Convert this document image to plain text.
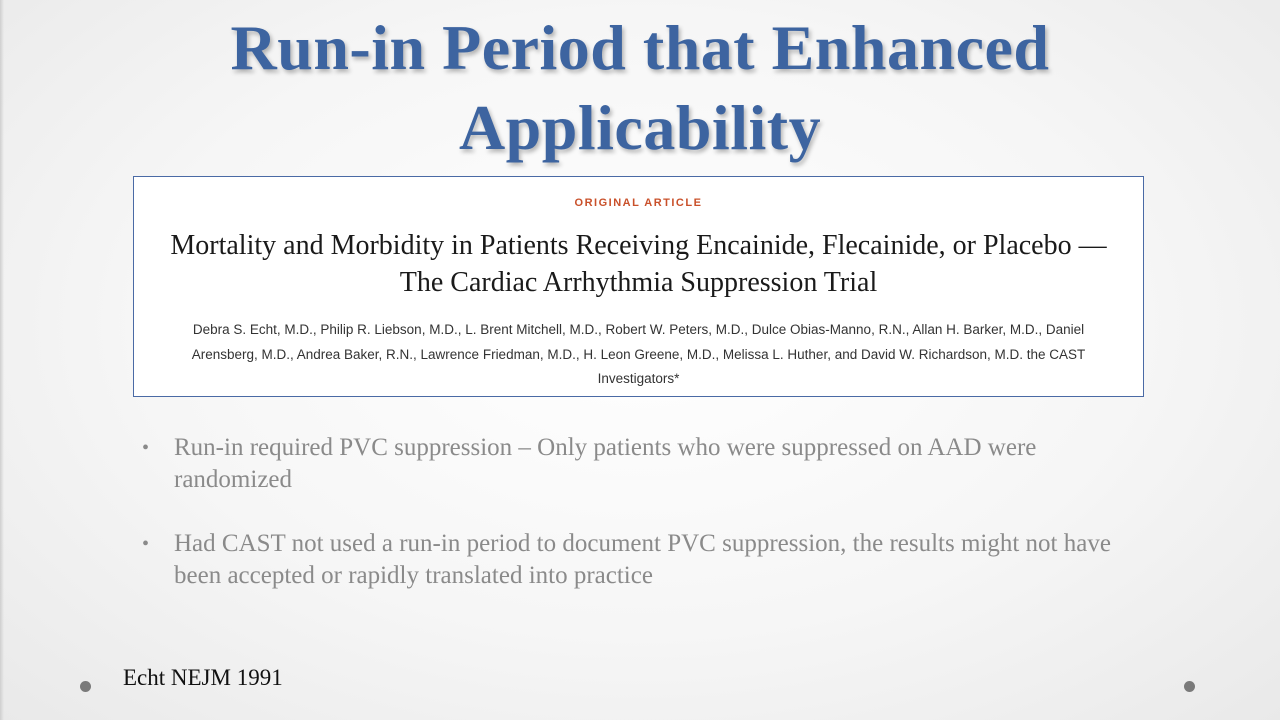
Run-in Period that Enhanced
Applicability
ORIGINAL ARTICLE
Mortality and Morbidity in Patients Receiving Encainide, Flecainide, or Placebo — The Cardiac Arrhythmia Suppression Trial
Debra S. Echt, M.D., Philip R. Liebson, M.D., L. Brent Mitchell, M.D., Robert W. Peters, M.D., Dulce Obias-Manno, R.N., Allan H. Barker, M.D., Daniel Arensberg, M.D., Andrea Baker, R.N., Lawrence Friedman, M.D., H. Leon Greene, M.D., Melissa L. Huther, and David W. Richardson, M.D. the CAST Investigators*
• Run-in required PVC suppression – Only patients who were suppressed on AAD were randomized
• Had CAST not used a run-in period to document PVC suppression, the results might not have been accepted or rapidly translated into practice
Echt NEJM 1991
